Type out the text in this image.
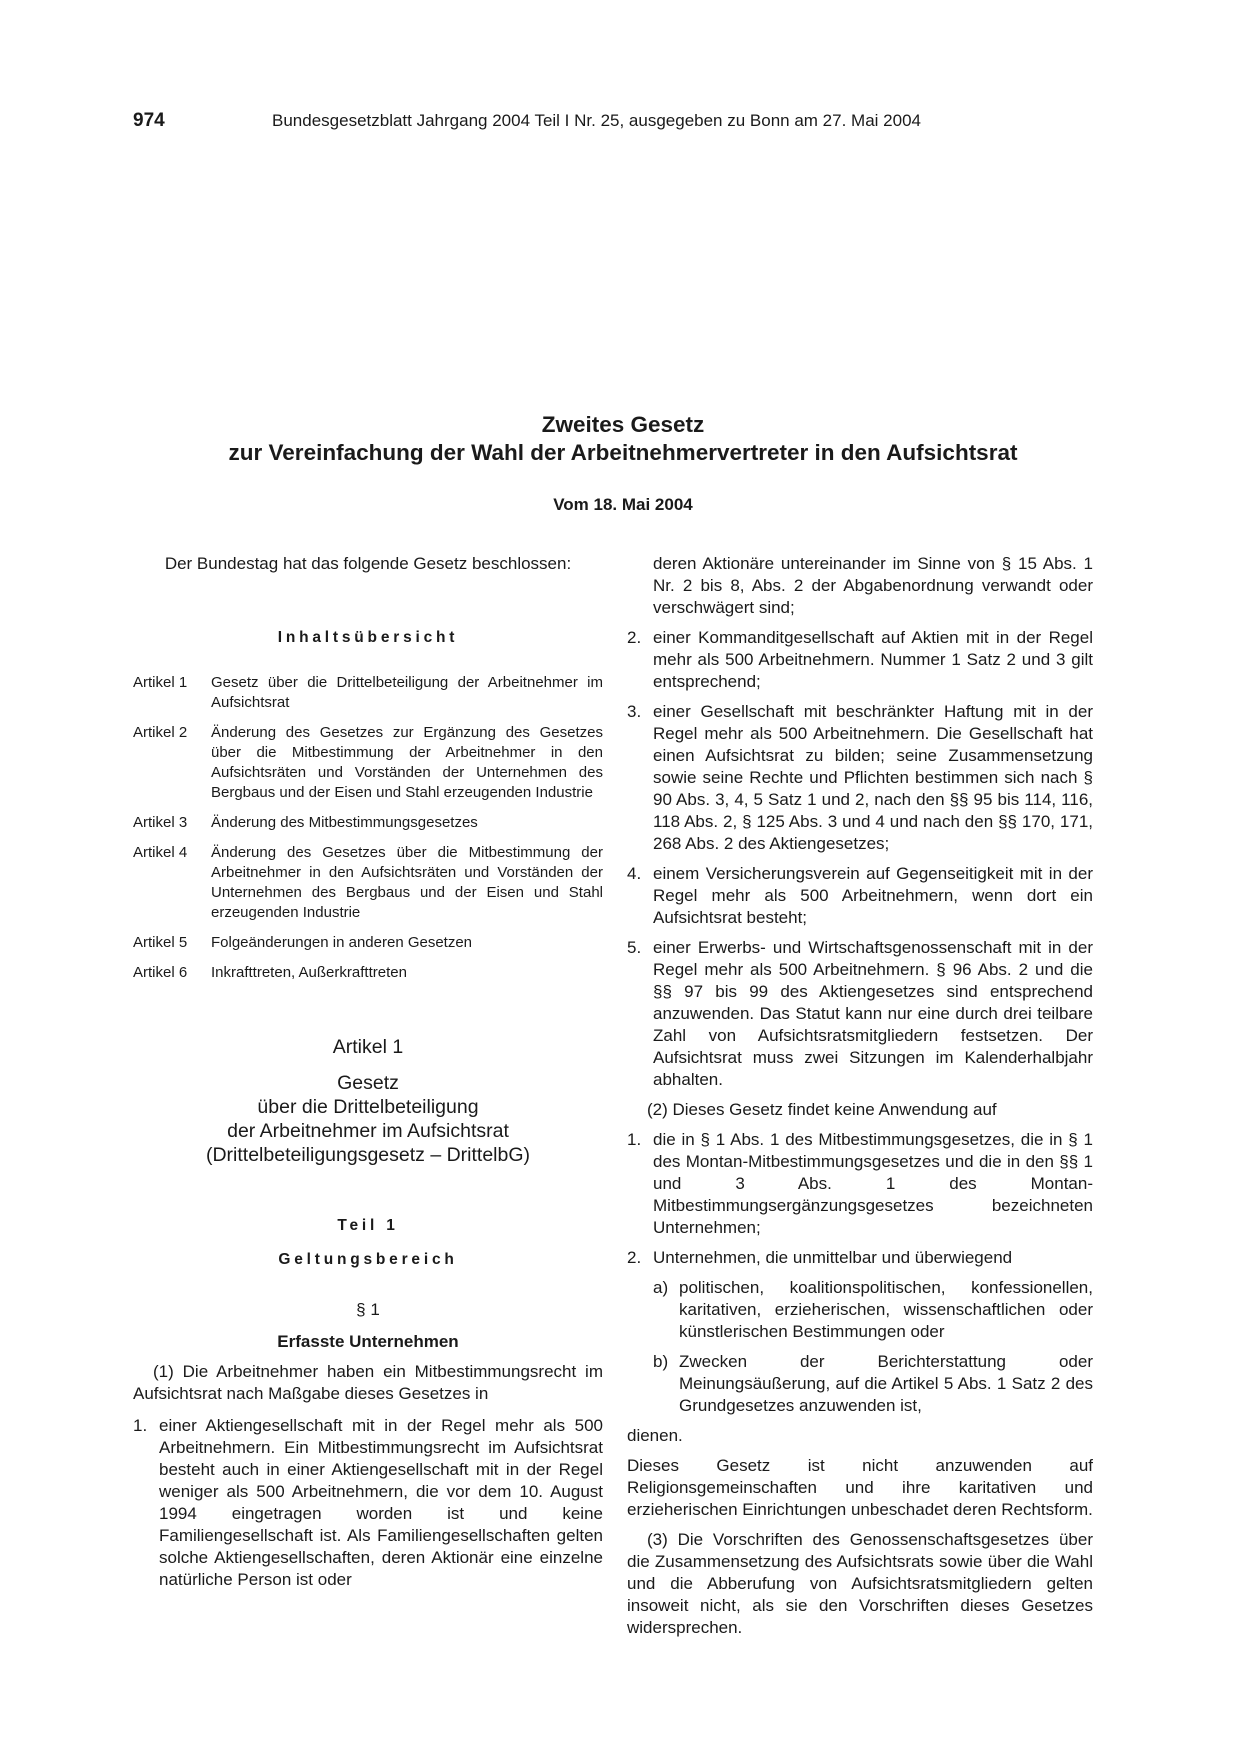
974	Bundesgesetzblatt Jahrgang 2004 Teil I Nr. 25, ausgegeben zu Bonn am 27. Mai 2004

Zweites Gesetz

zur Vereinfachung der Wahl der Arbeitnehmervertreter in den Aufsichtsrat

Vom 18. Mai 2004

Der Bundestag hat das folgende Gesetz beschlossen:

Inhaltsübersicht

Artikel 1	Gesetz über die Drittelbeteiligung der Arbeitnehmer im Aufsichtsrat
Artikel 2	Änderung des Gesetzes zur Ergänzung des Gesetzes über die Mitbestimmung der Arbeitnehmer in den Aufsichtsräten und Vorständen der Unternehmen des Bergbaus und der Eisen und Stahl erzeugenden Industrie
Artikel 3	Änderung des Mitbestimmungsgesetzes
Artikel 4	Änderung des Gesetzes über die Mitbestimmung der Arbeitnehmer in den Aufsichtsräten und Vorständen der Unternehmen des Bergbaus und der Eisen und Stahl erzeugenden Industrie
Artikel 5	Folgeänderungen in anderen Gesetzen
Artikel 6	Inkrafttreten, Außerkrafttreten

Artikel 1

Gesetz

über die Drittelbeteiligung

der Arbeitnehmer im Aufsichtsrat

(Drittelbeteiligungsgesetz – DrittelbG)

Teil 1

Geltungsbereich

§ 1

Erfasste Unternehmen

(1) Die Arbeitnehmer haben ein Mitbestimmungsrecht im Aufsichtsrat nach Maßgabe dieses Gesetzes in

1. einer Aktiengesellschaft mit in der Regel mehr als 500 Arbeitnehmern. Ein Mitbestimmungsrecht im Aufsichtsrat besteht auch in einer Aktiengesellschaft mit in der Regel weniger als 500 Arbeitnehmern, die vor dem 10. August 1994 eingetragen worden ist und keine Familiengesellschaft ist. Als Familiengesellschaften gelten solche Aktiengesellschaften, deren Aktionär eine einzelne natürliche Person ist oder

deren Aktionäre untereinander im Sinne von § 15 Abs. 1 Nr. 2 bis 8, Abs. 2 der Abgabenordnung verwandt oder verschwägert sind;

2. einer Kommanditgesellschaft auf Aktien mit in der Regel mehr als 500 Arbeitnehmern. Nummer 1 Satz 2 und 3 gilt entsprechend;
3. einer Gesellschaft mit beschränkter Haftung mit in der Regel mehr als 500 Arbeitnehmern. Die Gesellschaft hat einen Aufsichtsrat zu bilden; seine Zusammensetzung sowie seine Rechte und Pflichten bestimmen sich nach § 90 Abs. 3, 4, 5 Satz 1 und 2, nach den §§ 95 bis 114, 116, 118 Abs. 2, § 125 Abs. 3 und 4 und nach den §§ 170, 171, 268 Abs. 2 des Aktiengesetzes;
4. einem Versicherungsverein auf Gegenseitigkeit mit in der Regel mehr als 500 Arbeitnehmern, wenn dort ein Aufsichtsrat besteht;
5. einer Erwerbs- und Wirtschaftsgenossenschaft mit in der Regel mehr als 500 Arbeitnehmern. § 96 Abs. 2 und die §§ 97 bis 99 des Aktiengesetzes sind entsprechend anzuwenden. Das Statut kann nur eine durch drei teilbare Zahl von Aufsichtsratsmitgliedern festsetzen. Der Aufsichtsrat muss zwei Sitzungen im Kalenderhalbjahr abhalten.

(2) Dieses Gesetz findet keine Anwendung auf

1. die in § 1 Abs. 1 des Mitbestimmungsgesetzes, die in § 1 des Montan-Mitbestimmungsgesetzes und die in den §§ 1 und 3 Abs. 1 des Montan-Mitbestimmungsergänzungsgesetzes bezeichneten Unternehmen;
2. Unternehmen, die unmittelbar und überwiegend
a) politischen, koalitionspolitischen, konfessionellen, karitativen, erzieherischen, wissenschaftlichen oder künstlerischen Bestimmungen oder
b) Zwecken der Berichterstattung oder Meinungsäußerung, auf die Artikel 5 Abs. 1 Satz 2 des Grundgesetzes anzuwenden ist,

dienen.

Dieses Gesetz ist nicht anzuwenden auf Religionsgemeinschaften und ihre karitativen und erzieherischen Einrichtungen unbeschadet deren Rechtsform.

(3) Die Vorschriften des Genossenschaftsgesetzes über die Zusammensetzung des Aufsichtsrats sowie über die Wahl und die Abberufung von Aufsichtsratsmitgliedern gelten insoweit nicht, als sie den Vorschriften dieses Gesetzes widersprechen.
